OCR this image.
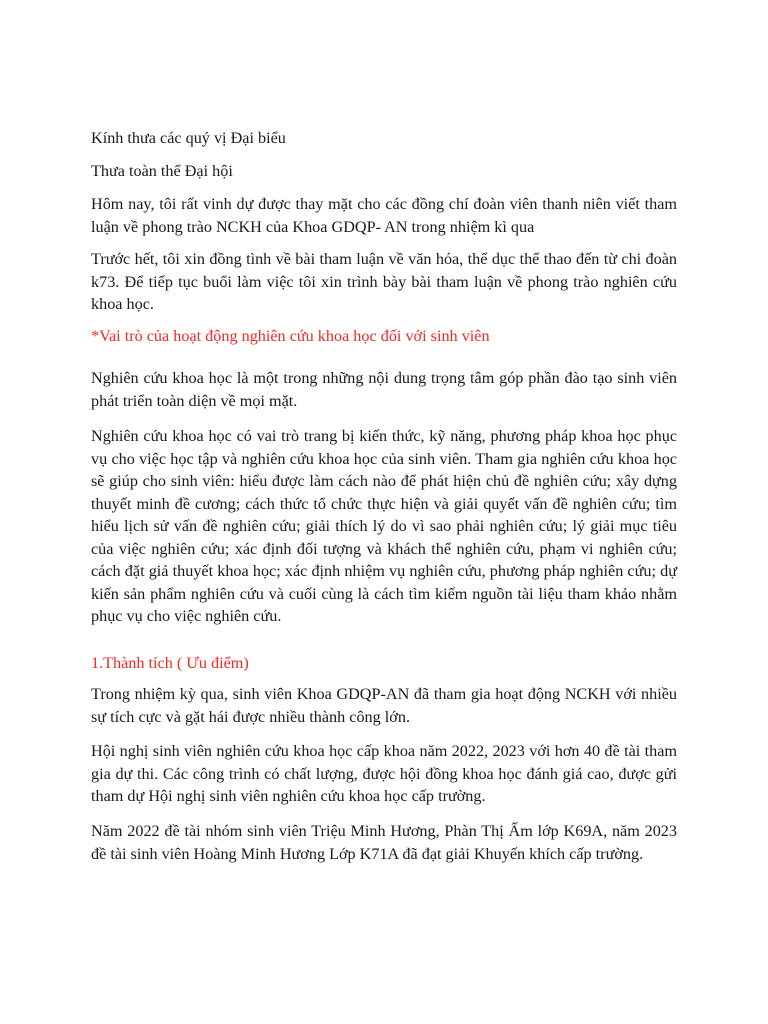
Kính thưa các quý vị Đại biểu

Thưa toàn thể Đại hội

Hôm nay, tôi rất vinh dự được thay mặt cho các đồng chí đoàn viên thanh niên viết tham luận về phong trào NCKH của Khoa GDQP- AN trong nhiệm kì qua

Trước hết, tôi xin đồng tình về bài tham luận về văn hóa, thể dục thể thao đến từ chi đoàn k73. Để tiếp tục buổi làm việc tôi xin trình bày bài tham luận về phong trào nghiên cứu khoa học.

*Vai trò của hoạt động nghiên cứu khoa học đối với sinh viên

Nghiên cứu khoa học là một trong những nội dung trọng tâm góp phần đào tạo sinh viên phát triển toàn diện về mọi mặt.

Nghiên cứu khoa học có vai trò trang bị kiến thức, kỹ năng, phương pháp khoa học phục vụ cho việc học tập và nghiên cứu khoa học của sinh viên. Tham gia nghiên cứu khoa học sẽ giúp cho sinh viên: hiểu được làm cách nào để phát hiện chủ đề nghiên cứu; xây dựng thuyết minh đề cương; cách thức tổ chức thực hiện và giải quyết vấn đề nghiên cứu; tìm hiểu lịch sử vấn đề nghiên cứu; giải thích lý do vì sao phải nghiên cứu; lý giải mục tiêu của việc nghiên cứu; xác định đối tượng và khách thể nghiên cứu, phạm vi nghiên cứu; cách đặt giả thuyết khoa học; xác định nhiệm vụ nghiên cứu, phương pháp nghiên cứu; dự kiến sản phẩm nghiên cứu và cuối cùng là cách tìm kiếm nguồn tài liệu tham khảo nhằm phục vụ cho việc nghiên cứu.

1.Thành tích ( Ưu điểm)

Trong nhiệm kỳ qua, sinh viên Khoa GDQP-AN đã tham gia hoạt động NCKH với nhiều sự tích cực và gặt hái được nhiều thành công lớn.

Hội nghị sinh viên nghiên cứu khoa học cấp khoa năm 2022, 2023 với hơn 40 đề tài tham gia dự thi. Các công trình có chất lượng, được hội đồng khoa học đánh giá cao, được gửi tham dự Hội nghị sinh viên nghiên cứu khoa học cấp trường.

Năm 2022 đề tài nhóm sinh viên Triệu Minh Hương, Phàn Thị Ấm lớp K69A, năm 2023 đề tài sinh viên Hoàng Minh Hương Lớp K71A đã đạt giải Khuyến khích cấp trường.
